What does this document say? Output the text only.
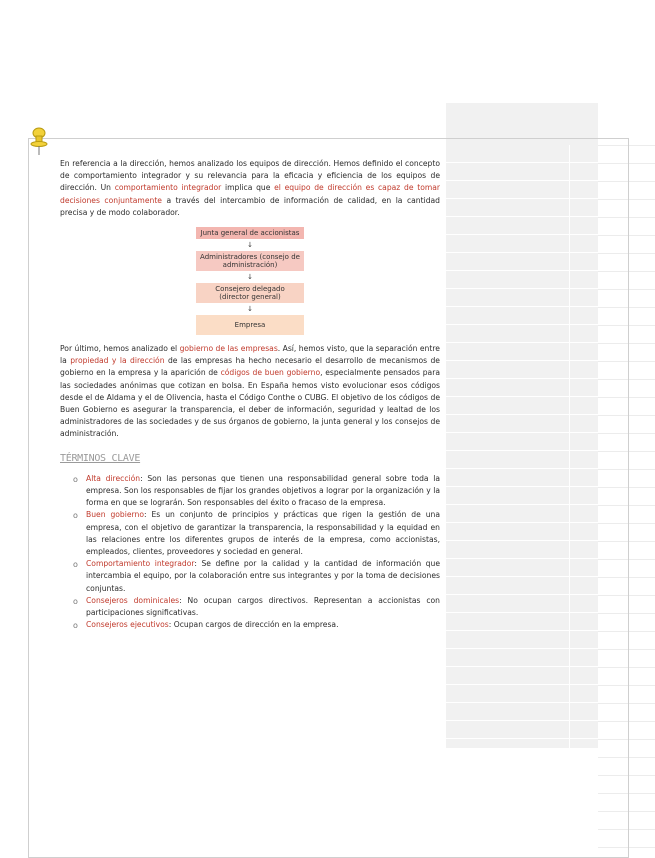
En referencia a la dirección, hemos analizado los equipos de dirección. Hemos definido el concepto de comportamiento integrador y su relevancia para la eficacia y eficiencia de los equipos de dirección. Un comportamiento integrador implica que el equipo de dirección es capaz de tomar decisiones conjuntamente a través del intercambio de información de calidad, en la cantidad precisa y de modo colaborador.

Junta general de accionistas
↓
Administradores (consejo de administración)
↓
Consejero delegado (director general)
↓
Empresa

Por último, hemos analizado el gobierno de las empresas. Así, hemos visto, que la separación entre la propiedad y la dirección de las empresas ha hecho necesario el desarrollo de mecanismos de gobierno en la empresa y la aparición de códigos de buen gobierno, especialmente pensados para las sociedades anónimas que cotizan en bolsa. En España hemos visto evolucionar esos códigos desde el de Aldama y el de Olivencia, hasta el Código Conthe o CUBG. El objetivo de los códigos de Buen Gobierno es asegurar la transparencia, el deber de información, seguridad y lealtad de los administradores de las sociedades y de sus órganos de gobierno, la junta general y los consejos de administración.

TÉRMINOS CLAVE
o Alta dirección: Son las personas que tienen una responsabilidad general sobre toda la empresa. Son los responsables de fijar los grandes objetivos a lograr por la organización y la forma en que se lograrán. Son responsables del éxito o fracaso de la empresa.
o Buen gobierno: Es un conjunto de principios y prácticas que rigen la gestión de una empresa, con el objetivo de garantizar la transparencia, la responsabilidad y la equidad en las relaciones entre los diferentes grupos de interés de la empresa, como accionistas, empleados, clientes, proveedores y sociedad en general.
o Comportamiento integrador: Se define por la calidad y la cantidad de información que intercambia el equipo, por la colaboración entre sus integrantes y por la toma de decisiones conjuntas.
o Consejeros dominicales: No ocupan cargos directivos. Representan a accionistas con participaciones significativas.
o Consejeros ejecutivos: Ocupan cargos de dirección en la empresa.
